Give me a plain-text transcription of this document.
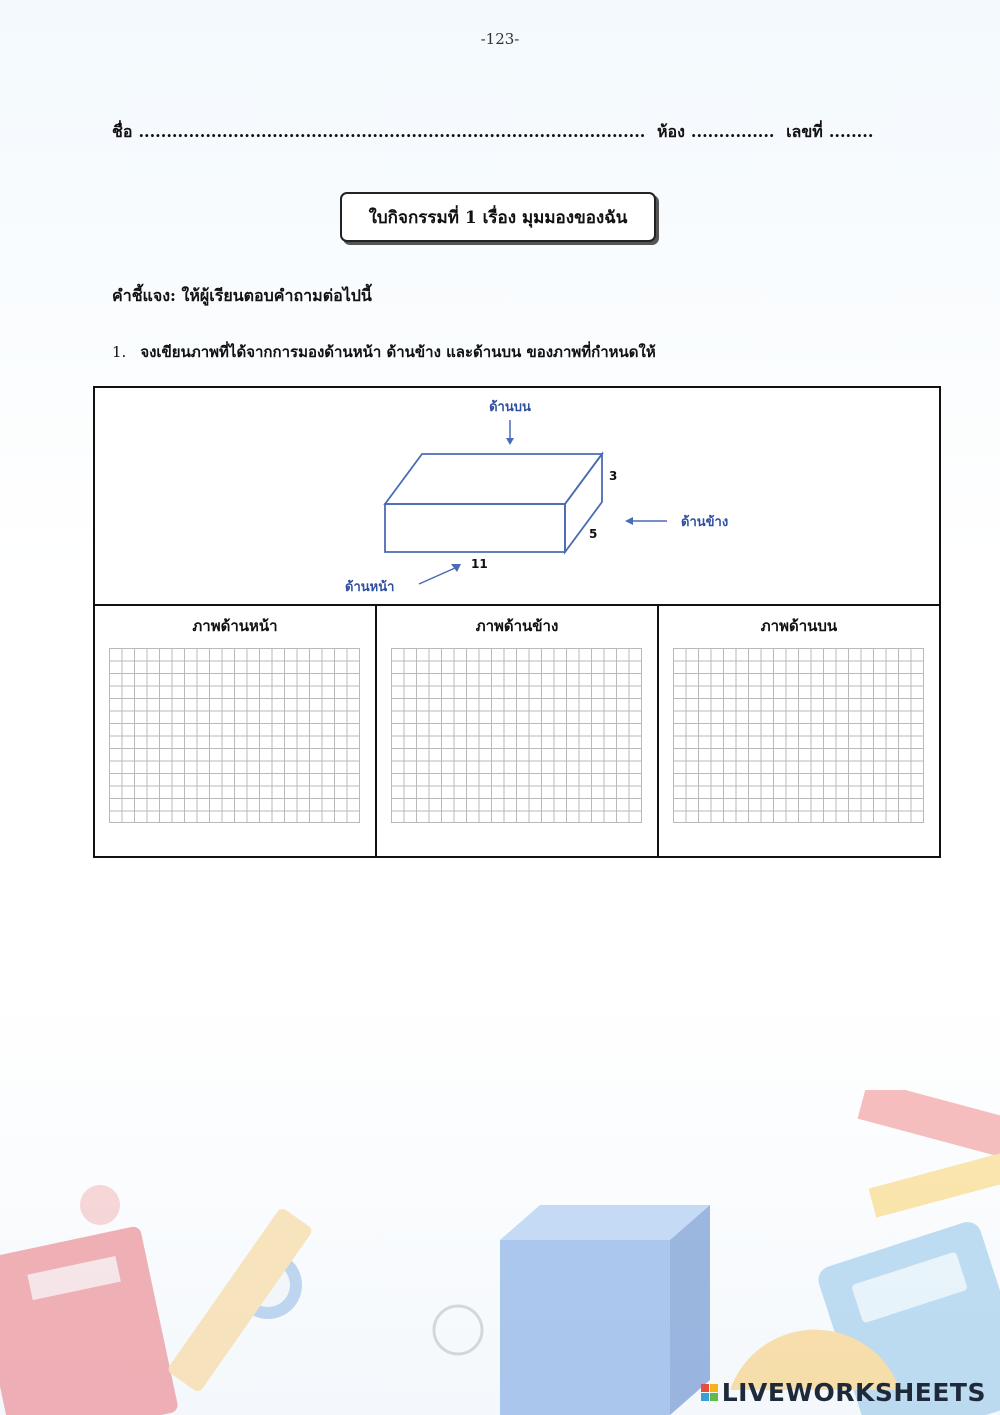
-123-
ชื่อ ........................................................................................... ห้อง ............... เลขที่ ........
ใบกิจกรรมที่ 1 เรื่อง มุมมองของฉัน
คำชี้แจง: ให้ผู้เรียนตอบคำถามต่อไปนี้
1. จงเขียนภาพที่ได้จากการมองด้านหน้า ด้านข้าง และด้านบน ของภาพที่กำหนดให้
ด้านบน
3
5
11
ด้านข้าง
ด้านหน้า
ภาพด้านหน้า	ภาพด้านข้าง	ภาพด้านบน
LIVEWORKSHEETS
